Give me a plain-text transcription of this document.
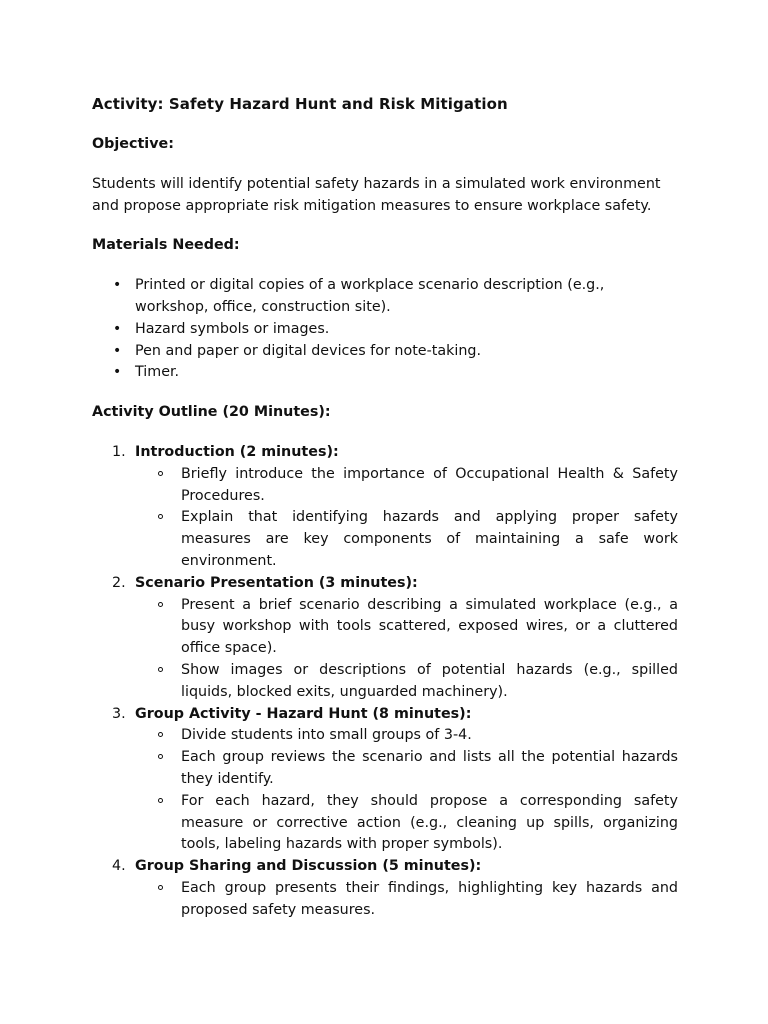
Activity: Safety Hazard Hunt and Risk Mitigation
Objective:
Students will identify potential safety hazards in a simulated work environment and propose appropriate risk mitigation measures to ensure workplace safety.
Materials Needed:
• Printed or digital copies of a workplace scenario description (e.g., workshop, office, construction site).
• Hazard symbols or images.
• Pen and paper or digital devices for note-taking.
• Timer.
Activity Outline (20 Minutes):
1. Introduction (2 minutes):
Briefly introduce the importance of Occupational Health & Safety Procedures.
Explain that identifying hazards and applying proper safety measures are key components of maintaining a safe work environment.
2. Scenario Presentation (3 minutes):
Present a brief scenario describing a simulated workplace (e.g., a busy workshop with tools scattered, exposed wires, or a cluttered office space).
Show images or descriptions of potential hazards (e.g., spilled liquids, blocked exits, unguarded machinery).
3. Group Activity - Hazard Hunt (8 minutes):
Divide students into small groups of 3-4.
Each group reviews the scenario and lists all the potential hazards they identify.
For each hazard, they should propose a corresponding safety measure or corrective action (e.g., cleaning up spills, organizing tools, labeling hazards with proper symbols).
4. Group Sharing and Discussion (5 minutes):
Each group presents their findings, highlighting key hazards and proposed safety measures.
